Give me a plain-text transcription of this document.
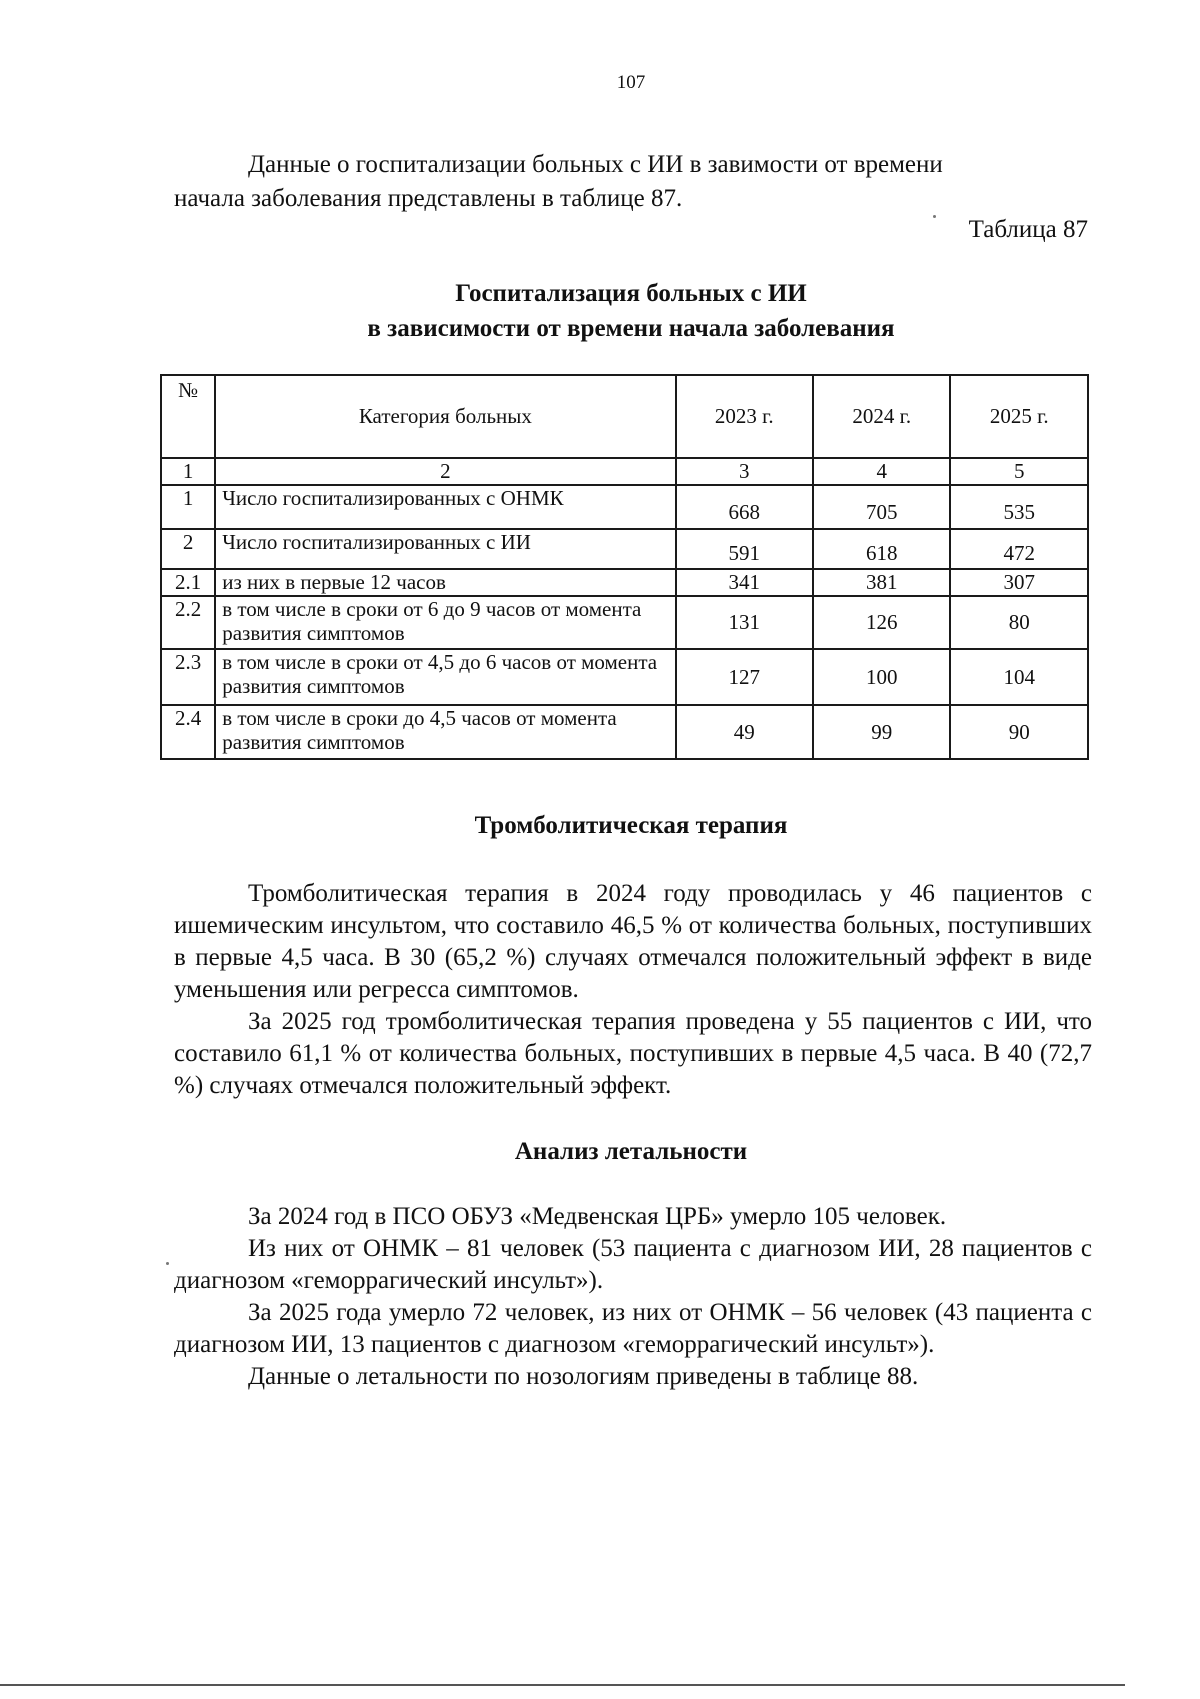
107
Данные о госпитализации больных с ИИ в завимости от времени
начала заболевания представлены в таблице 87.
Таблица 87
Госпитализация больных с ИИ
в зависимости от времени начала заболевания
№	Категория больных	2023 г.	2024 г.	2025 г.
1	2	3	4	5
1	Число госпитализированных с ОНМК	668	705	535
2	Число госпитализированных с ИИ	591	618	472
2.1	из них в первые 12 часов	341	381	307
2.2	в том числе в сроки от 6 до 9 часов от момента развития симптомов	131	126	80
2.3	в том числе в сроки от 4,5 до 6 часов от момента развития симптомов	127	100	104
2.4	в том числе в сроки до 4,5 часов от момента развития симптомов	49	99	90
Тромболитическая терапия

Тромболитическая терапия в 2024 году проводилась у 46 пациентов с ишемическим инсультом, что составило 46,5 % от количества больных, поступивших в первые 4,5 часа. В 30 (65,2 %) случаях отмечался положительный эффект в виде уменьшения или регресса симптомов.

За 2025 год тромболитическая терапия проведена у 55 пациентов с ИИ, что составило 61,1 % от количества больных, поступивших в первые 4,5 часа. В 40 (72,7 %) случаях отмечался положительный эффект.

Анализ летальности

За 2024 год в ПСО ОБУЗ «Медвенская ЦРБ» умерло 105 человек.

Из них от ОНМК – 81 человек (53 пациента с диагнозом ИИ, 28 пациентов с диагнозом «геморрагический инсульт»).

За 2025 года умерло 72 человек, из них от ОНМК – 56 человек (43 пациента с диагнозом ИИ, 13 пациентов с диагнозом «геморрагический инсульт»).

Данные о летальности по нозологиям приведены в таблице 88.
